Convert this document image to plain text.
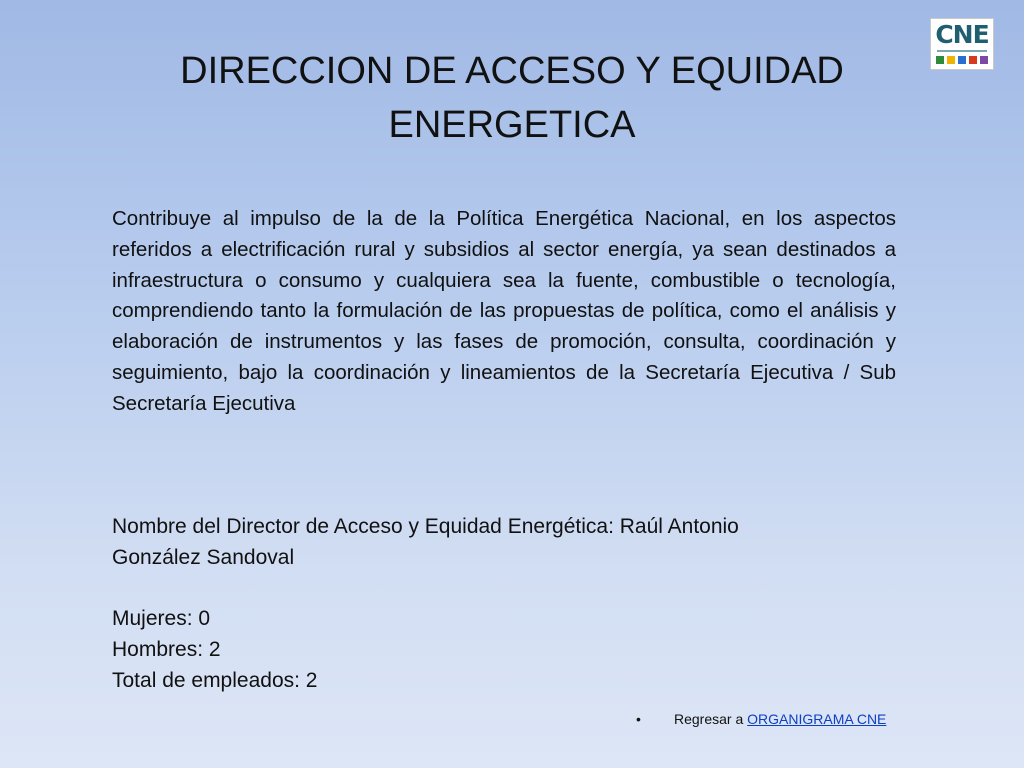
CNE
DIRECCION DE ACCESO Y EQUIDAD
ENERGETICA

Contribuye al impulso de la de la Política Energética Nacional, en los aspectos referidos a electrificación rural y subsidios al sector energía, ya sean destinados a infraestructura o consumo y cualquiera sea la fuente, combustible o tecnología, comprendiendo tanto la formulación de las propuestas de política, como el análisis y elaboración de instrumentos y las fases de promoción, consulta, coordinación y seguimiento, bajo la coordinación y lineamientos de la Secretaría Ejecutiva / Sub Secretaría Ejecutiva

Nombre del Director de Acceso y Equidad Energética: Raúl Antonio
González Sandoval

Mujeres: 0
Hombres: 2
Total de empleados: 2
• Regresar a ORGANIGRAMA CNE
